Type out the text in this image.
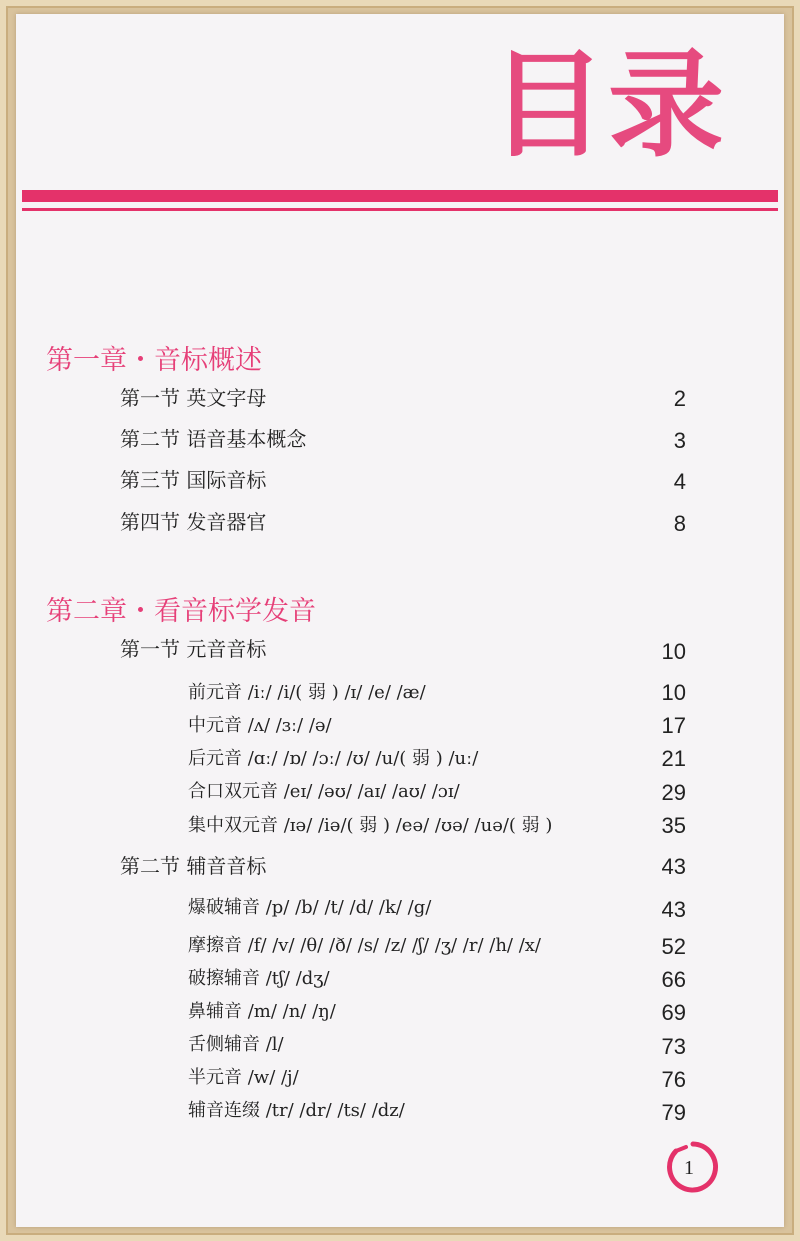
目录
第一章・音标概述
第一节 英文字母	2
第二节 语音基本概念	3
第三节 国际音标	4
第四节 发音器官	8
第二章・看音标学发音
第一节 元音音标	10
前元音 /iː/ /i/( 弱 ) /ɪ/ /e/ /æ/	10
中元音 /ʌ/ /ɜː/ /ə/	17
后元音 /ɑː/ /ɒ/ /ɔː/ /ʊ/ /u/( 弱 ) /uː/	21
合口双元音 /eɪ/ /əʊ/ /aɪ/ /aʊ/ /ɔɪ/	29
集中双元音 /ɪə/ /iə/( 弱 ) /eə/ /ʊə/ /uə/( 弱 )	35
第二节 辅音音标	43
爆破辅音 /p/ /b/ /t/ /d/ /k/ /g/	43
摩擦音 /f/ /v/ /θ/ /ð/ /s/ /z/ /ʃ/ /ʒ/ /r/ /h/ /x/	52
破擦辅音 /tʃ/ /dʒ/	66
鼻辅音 /m/ /n/ /ŋ/	69
舌侧辅音 /l/	73
半元音 /w/ /j/	76
辅音连缀 /tr/ /dr/ /ts/ /dz/	79
1
